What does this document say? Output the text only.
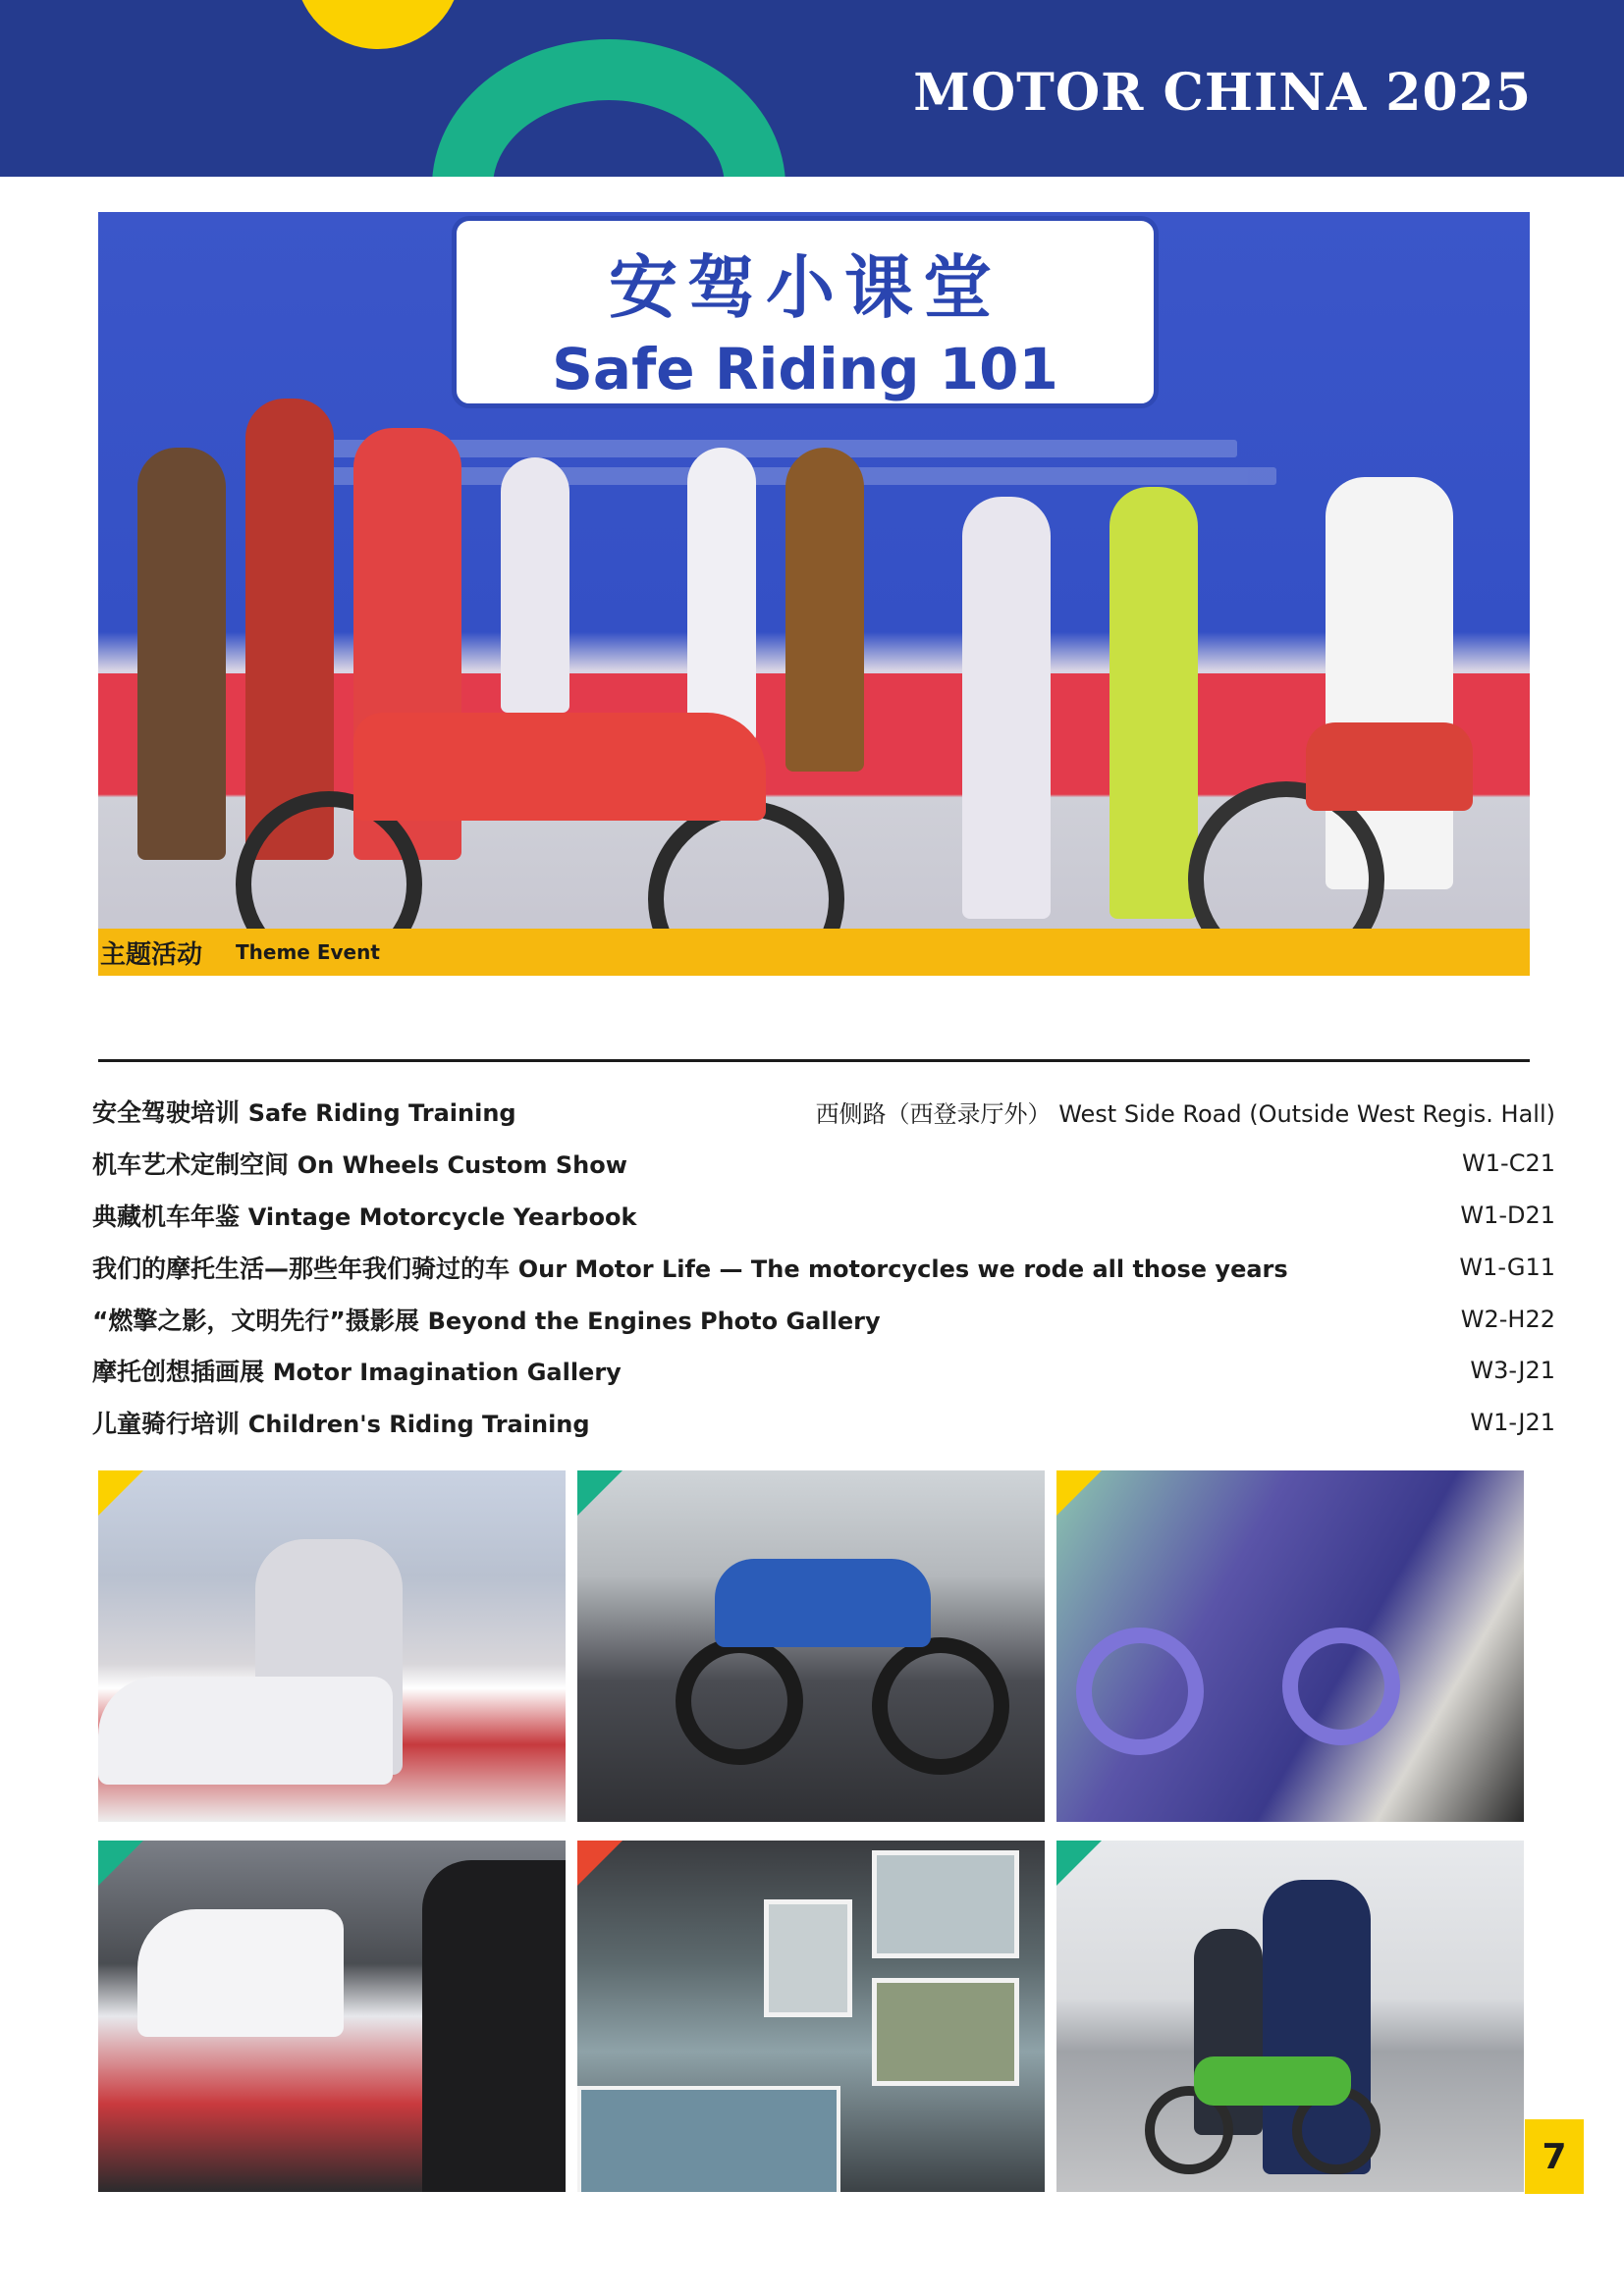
MOTOR CHINA 2025
安驾小课堂
Safe Riding 101
主题活动 Theme Event
安全驾驶培训 Safe Riding Training	西侧路（西登录厅外） West Side Road (Outside West Regis. Hall)
机车艺术定制空间 On Wheels Custom Show	W1-C21
典藏机车年鉴 Vintage Motorcycle Yearbook	W1-D21
我们的摩托生活—那些年我们骑过的车 Our Motor Life — The motorcycles we rode all those years	W1-G11
“燃擎之影，文明先行”摄影展 Beyond the Engines Photo Gallery	W2-H22
摩托创想插画展 Motor Imagination Gallery	W3-J21
儿童骑行培训 Children's Riding Training	W1-J21
7
